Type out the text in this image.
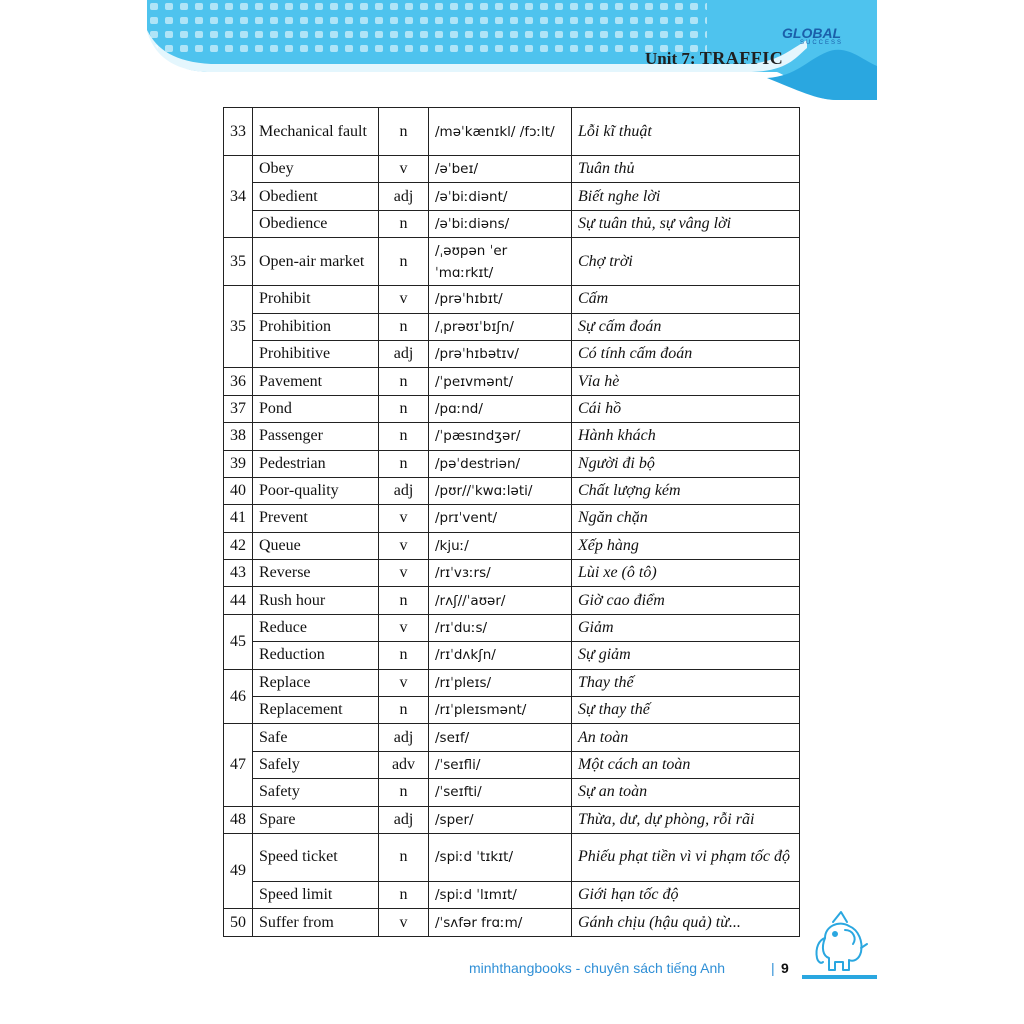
Unit 7: TRAFFIC
GLOBAL
SUCCESS
33	Mechanical fault	n	/məˈkænɪkl/ /fɔːlt/	Lỗi kĩ thuật
34	Obey	v	/əˈbeɪ/	Tuân thủ
	Obedient	adj	/əˈbiːdiənt/	Biết nghe lời
	Obedience	n	/əˈbiːdiəns/	Sự tuân thủ, sự vâng lời
35	Open-air market	n	/ˌəʊpən ˈer ˈmɑːrkɪt/	Chợ trời
35	Prohibit	v	/prəˈhɪbɪt/	Cấm
	Prohibition	n	/ˌprəʊɪˈbɪʃn/	Sự cấm đoán
	Prohibitive	adj	/prəˈhɪbətɪv/	Có tính cấm đoán
36	Pavement	n	/ˈpeɪvmənt/	Vỉa hè
37	Pond	n	/pɑːnd/	Cái hồ
38	Passenger	n	/ˈpæsɪndʒər/	Hành khách
39	Pedestrian	n	/pəˈdestriən/	Người đi bộ
40	Poor-quality	adj	/pʊr//ˈkwɑːləti/	Chất lượng kém
41	Prevent	v	/prɪˈvent/	Ngăn chặn
42	Queue	v	/kjuː/	Xếp hàng
43	Reverse	v	/rɪˈvɜːrs/	Lùi xe (ô tô)
44	Rush hour	n	/rʌʃ//ˈaʊər/	Giờ cao điểm
45	Reduce	v	/rɪˈduːs/	Giảm
	Reduction	n	/rɪˈdʌkʃn/	Sự giảm
46	Replace	v	/rɪˈpleɪs/	Thay thế
	Replacement	n	/rɪˈpleɪsmənt/	Sự thay thế
47	Safe	adj	/seɪf/	An toàn
	Safely	adv	/ˈseɪfli/	Một cách an toàn
	Safety	n	/ˈseɪfti/	Sự an toàn
48	Spare	adj	/sper/	Thừa, dư, dự phòng, rỗi rãi
49	Speed ticket	n	/spiːd ˈtɪkɪt/	Phiếu phạt tiền vì vi phạm tốc độ
	Speed limit	n	/spiːd ˈlɪmɪt/	Giới hạn tốc độ
50	Suffer from	v	/ˈsʌfər frɑːm/	Gánh chịu (hậu quả) từ...
minhthangbooks - chuyên sách tiếng Anh	| 9
